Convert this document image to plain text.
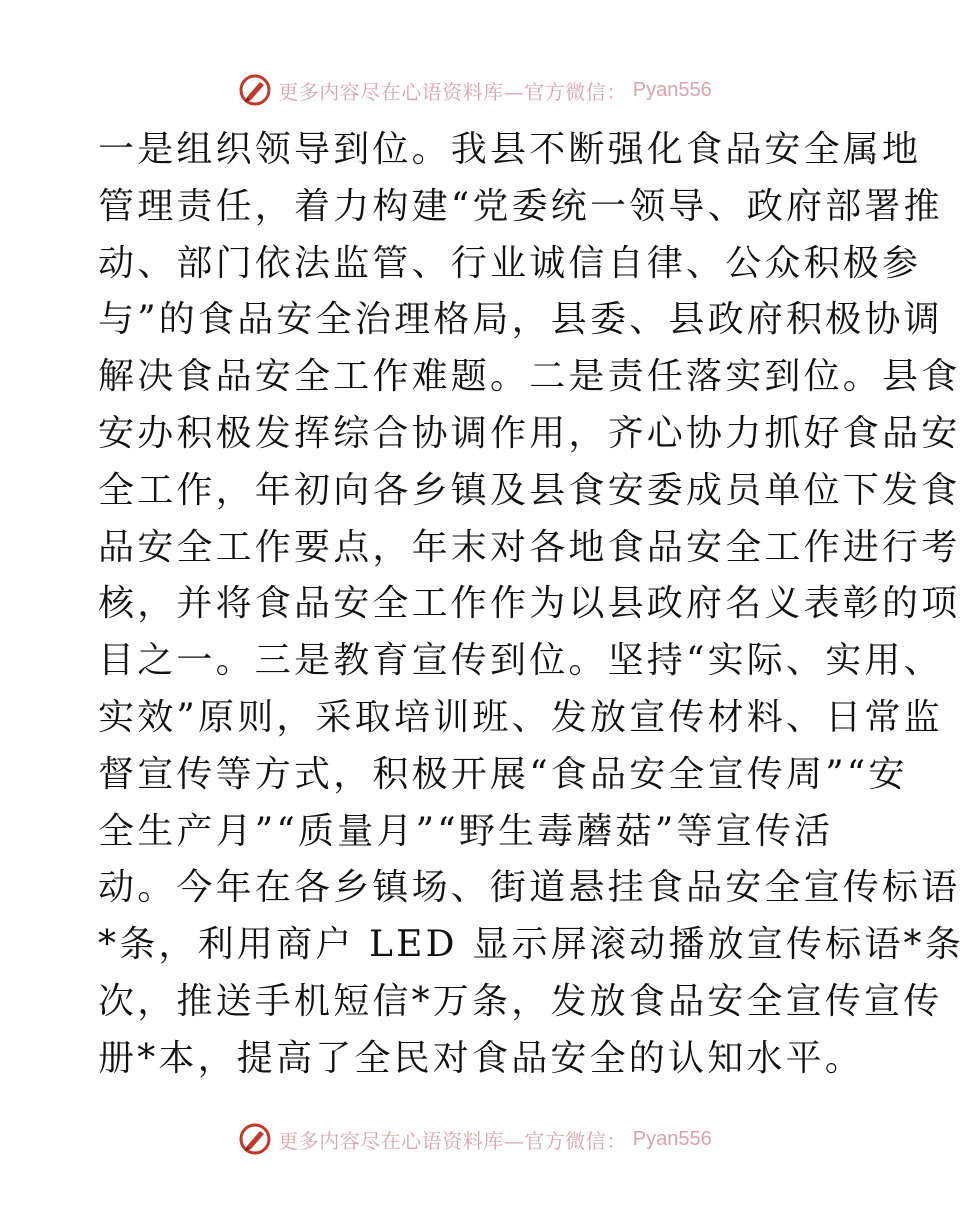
更多内容尽在心语资料库—官方微信： Pyan556
一是组织领导到位。我县不断强化食品安全属地
管理责任，着力构建“党委统一领导、政府部署推
动、部门依法监管、行业诚信自律、公众积极参
与”的食品安全治理格局，县委、县政府积极协调
解决食品安全工作难题。二是责任落实到位。县食
安办积极发挥综合协调作用，齐心协力抓好食品安
全工作，年初向各乡镇及县食安委成员单位下发食
品安全工作要点，年末对各地食品安全工作进行考
核，并将食品安全工作作为以县政府名义表彰的项
目之一。三是教育宣传到位。坚持“实际、实用、
实效”原则，采取培训班、发放宣传材料、日常监
督宣传等方式，积极开展“食品安全宣传周”“安
全生产月”“质量月”“野生毒蘑菇”等宣传活
动。今年在各乡镇场、街道悬挂食品安全宣传标语
*条，利用商户 LED 显示屏滚动播放宣传标语*条
次，推送手机短信*万条，发放食品安全宣传宣传
册*本，提高了全民对食品安全的认知水平。
更多内容尽在心语资料库—官方微信： Pyan556
